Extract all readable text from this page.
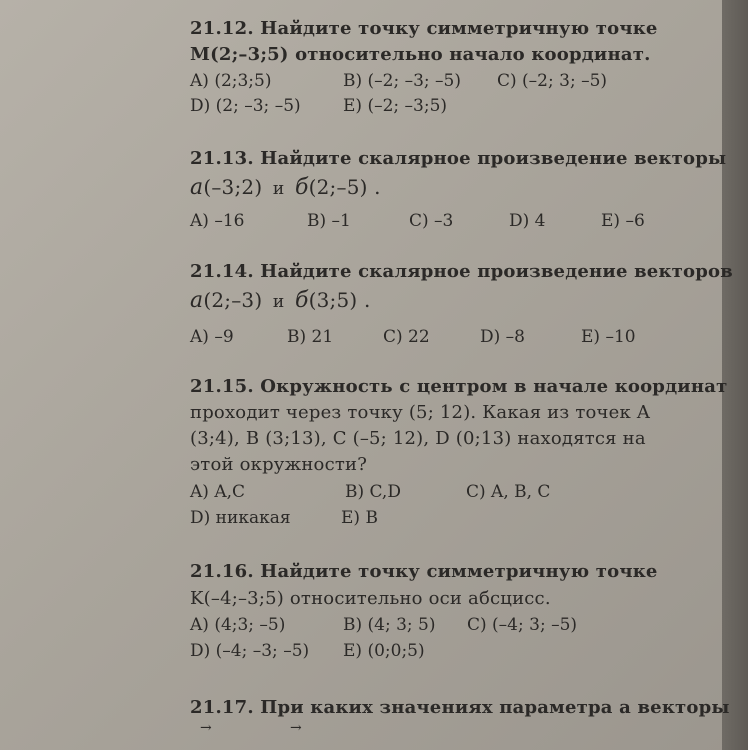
21.12. Найдите точку симметричную точке
M(2;–3;5) относительно начало координат.
A) (2;3;5)	B) (–2; –3; –5) C) (–2; 3; –5)
D) (2; –3; –5) E) (–2; –3;5)
21.13. Найдите скалярное произведение векторы
a(–3;2) и б(2;–5) .
A) –16	B) –1	C) –3	D) 4	E) –6
21.14. Найдите скалярное произведение векторов
a(2;–3) и б(3;5) .
A) –9	B) 21	C) 22	D) –8	E) –10
21.15. Окружность с центром в начале координат
проходит через точку (5; 12). Какая из точек A
(3;4), B (3;13), C (–5; 12), D (0;13) находятся на
этой окружности?
A) A,C	B) C,D	C) A, B, C
D) никакая	E) B
21.16. Найдите точку симметричную точке
K(–4;–3;5) относительно оси абсцисс.
A) (4;3; –5)	B) (4; 3; 5) C) (–4; 3; –5)
D) (–4; –3; –5) E) (0;0;5)
21.17. При каких значениях параметра a векторы
→	→
